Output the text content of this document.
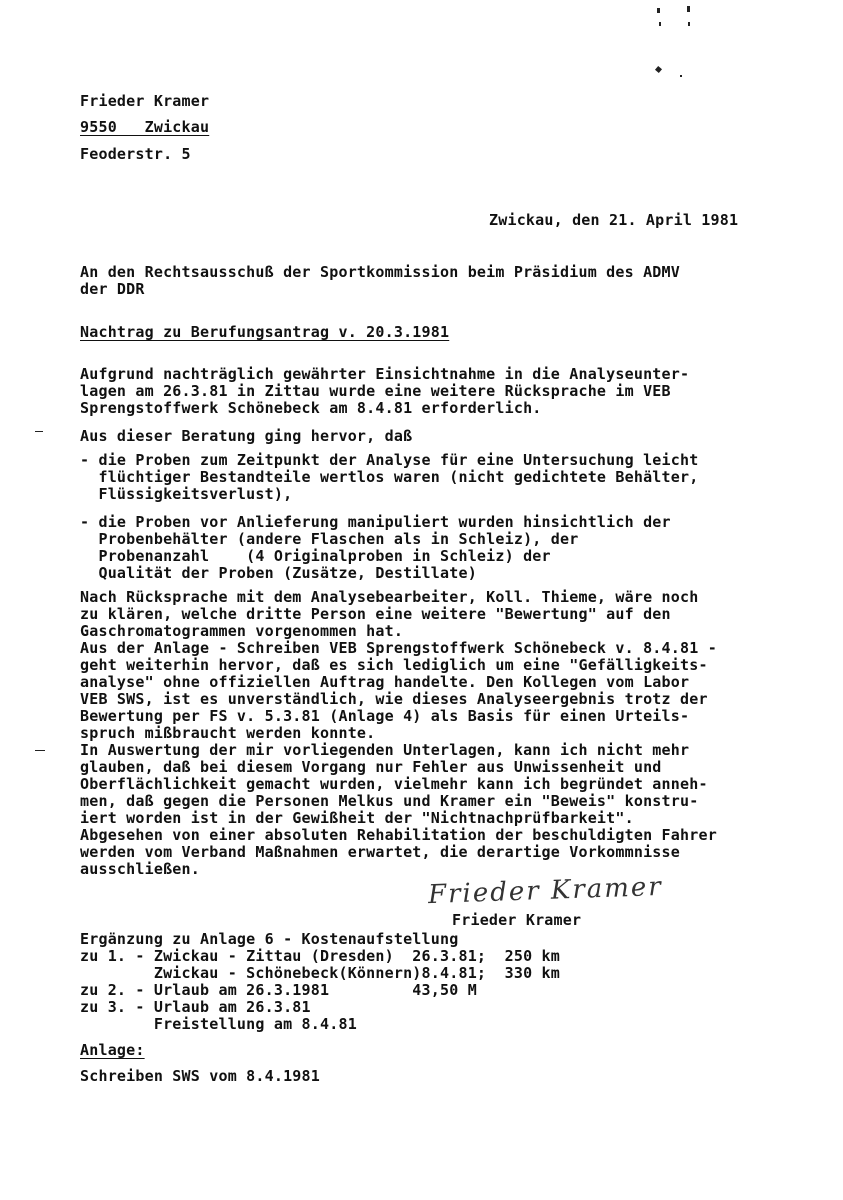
Frieder Kramer
9550   Zwickau
Feoderstr. 5
Zwickau, den 21. April 1981
An den Rechtsausschuß der Sportkommission beim Präsidium des ADMV
der DDR
Nachtrag zu Berufungsantrag v. 20.3.1981
Aufgrund nachträglich gewährter Einsichtnahme in die Analyseunter-
lagen am 26.3.81 in Zittau wurde eine weitere Rücksprache im VEB
Sprengstoffwerk Schönebeck am 8.4.81 erforderlich.
Aus dieser Beratung ging hervor, daß
- die Proben zum Zeitpunkt der Analyse für eine Untersuchung leicht
flüchtiger Bestandteile wertlos waren (nicht gedichtete Behälter,
Flüssigkeitsverlust),
- die Proben vor Anlieferung manipuliert wurden hinsichtlich der
Probenbehälter (andere Flaschen als in Schleiz), der
Probenanzahl    (4 Originalproben in Schleiz) der
Qualität der Proben (Zusätze, Destillate)
Nach Rücksprache mit dem Analysebearbeiter, Koll. Thieme, wäre noch
zu klären, welche dritte Person eine weitere "Bewertung" auf den
Gaschromatogrammen vorgenommen hat.
Aus der Anlage - Schreiben VEB Sprengstoffwerk Schönebeck v. 8.4.81 -
geht weiterhin hervor, daß es sich lediglich um eine "Gefälligkeits-
analyse" ohne offiziellen Auftrag handelte. Den Kollegen vom Labor
VEB SWS, ist es unverständlich, wie dieses Analyseergebnis trotz der
Bewertung per FS v. 5.3.81 (Anlage 4) als Basis für einen Urteils-
spruch mißbraucht werden konnte.
In Auswertung der mir vorliegenden Unterlagen, kann ich nicht mehr
glauben, daß bei diesem Vorgang nur Fehler aus Unwissenheit und
Oberflächlichkeit gemacht wurden, vielmehr kann ich begründet anneh-
men, daß gegen die Personen Melkus und Kramer ein "Beweis" konstru-
iert worden ist in der Gewißheit der "Nichtnachprüfbarkeit".
Abgesehen von einer absoluten Rehabilitation der beschuldigten Fahrer
werden vom Verband Maßnahmen erwartet, die derartige Vorkommnisse
ausschließen.
Frieder Kramer
Frieder Kramer
Ergänzung zu Anlage 6 - Kostenaufstellung
zu 1. - Zwickau - Zittau (Dresden)  26.3.81;  250 km
Zwickau - Schönebeck(Könnern)8.4.81;  330 km
zu 2. - Urlaub am 26.3.1981         43,50 M
zu 3. - Urlaub am 26.3.81
Freistellung am 8.4.81
Anlage:
Schreiben SWS vom 8.4.1981
